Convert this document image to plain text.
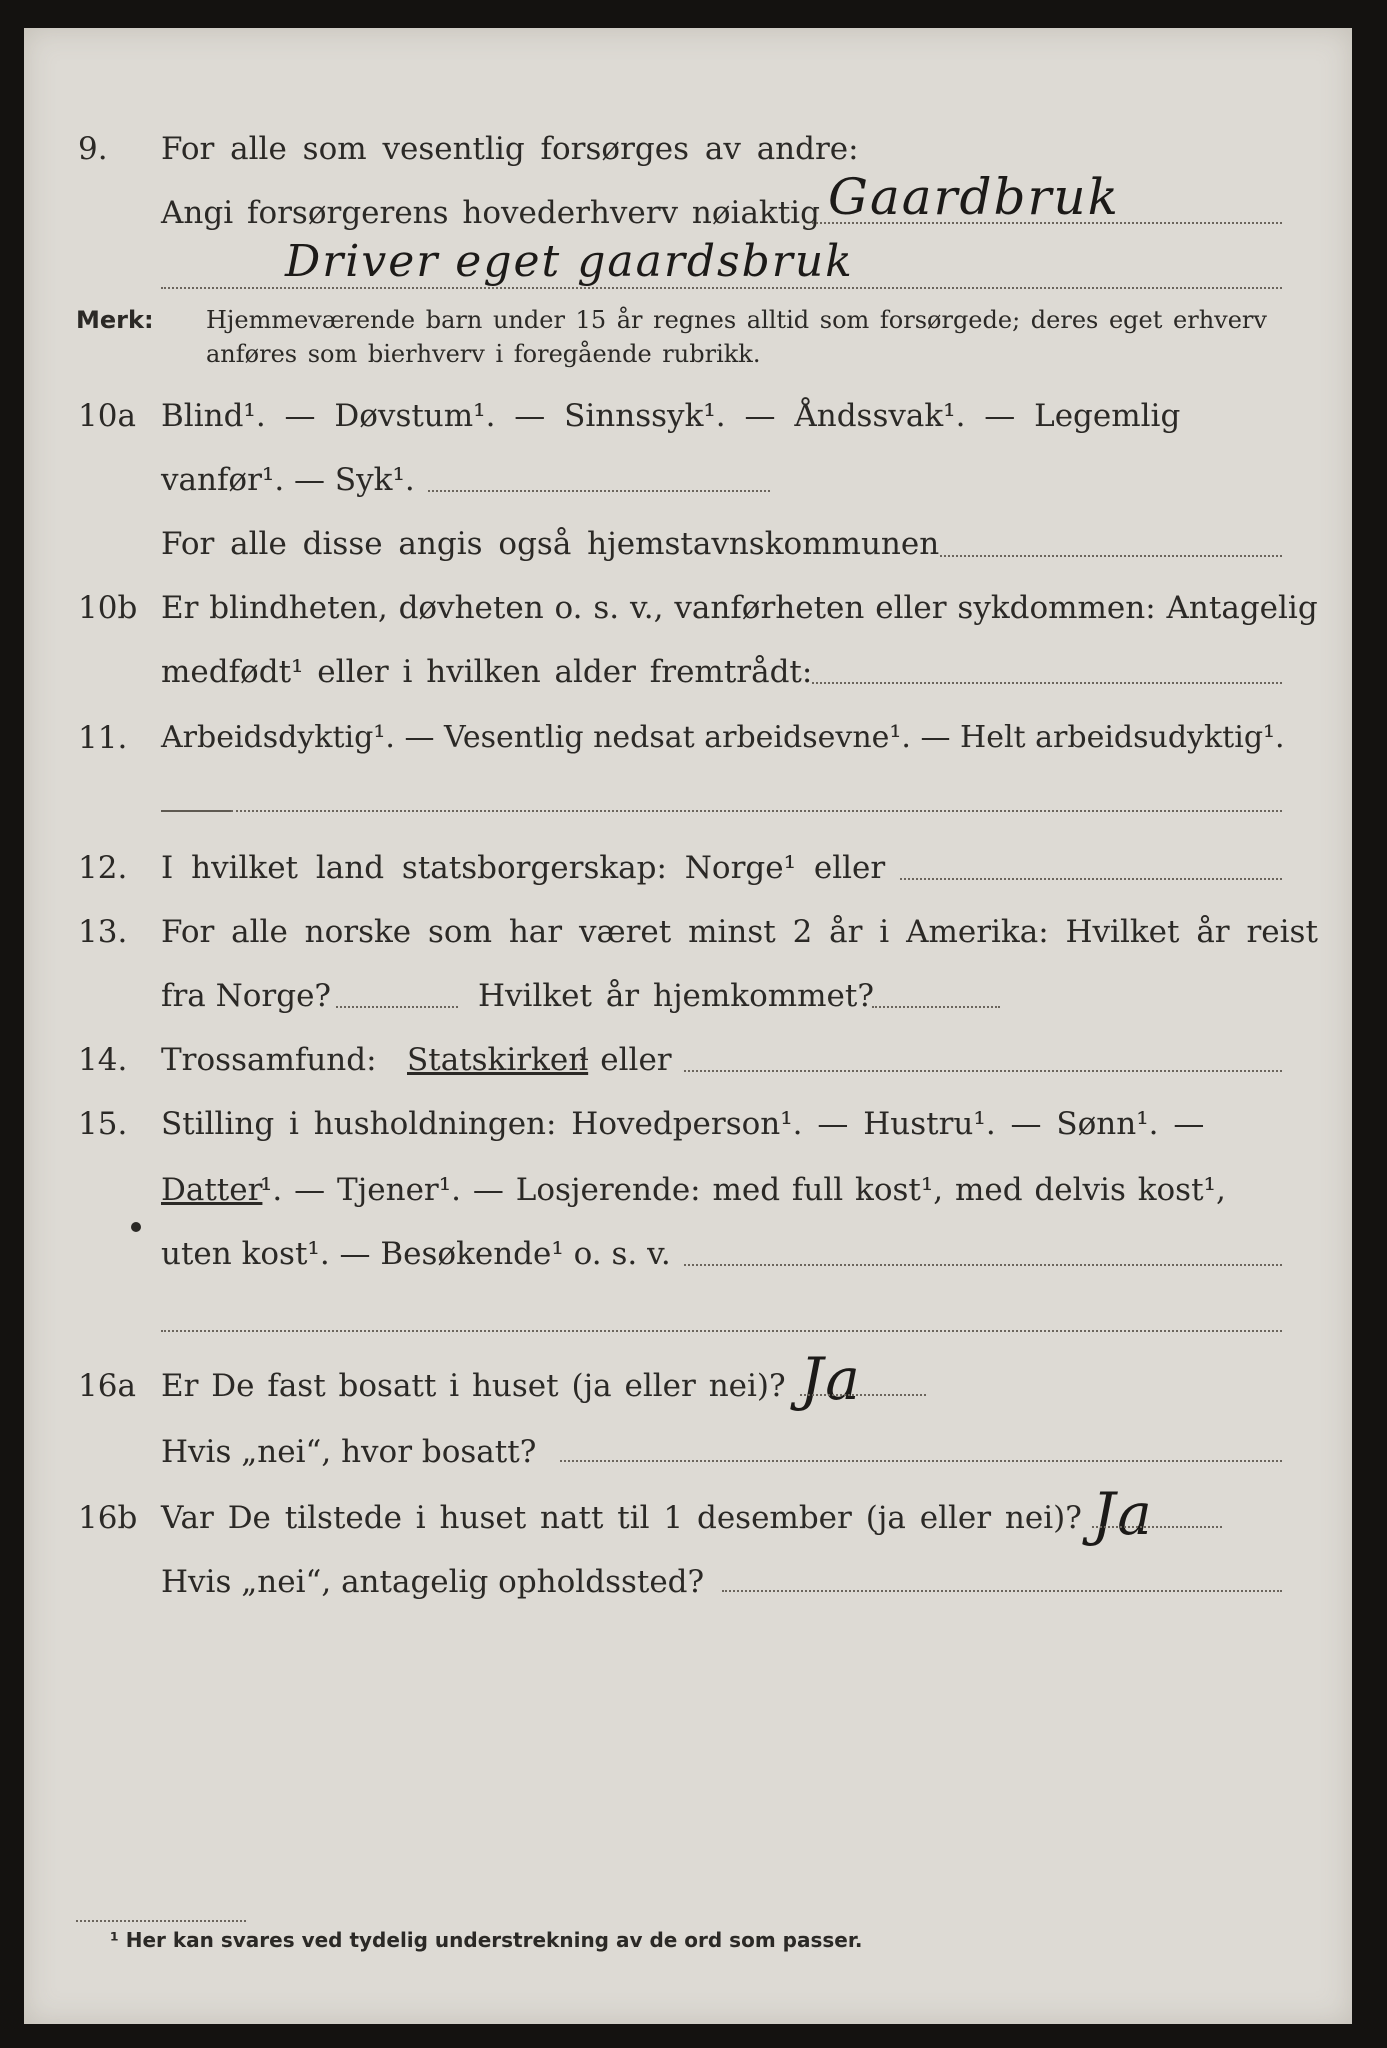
9. For alle som vesentlig forsørges av andre:
Angi forsørgerens hovederhverv nøiaktig Gaardbruk
Driver eget gaardsbruk
Merk: Hjemmeværende barn under 15 år regnes alltid som forsørgede; deres eget erhverv
anføres som bierhverv i foregående rubrikk.
10a Blind¹. — Døvstum¹. — Sinnssyk¹. — Åndssvak¹. — Legemlig
vanfør¹. — Syk¹.
For alle disse angis også hjemstavnskommunen
10b Er blindheten, døvheten o. s. v., vanførheten eller sykdommen: Antagelig
medfødt¹ eller i hvilken alder fremtrådt:
11. Arbeidsdyktig¹. — Vesentlig nedsat arbeidsevne¹. — Helt arbeidsudyktig¹.
12. I hvilket land statsborgerskap: Norge¹ eller
13. For alle norske som har været minst 2 år i Amerika: Hvilket år reist
fra Norge?	Hvilket år hjemkommet?
14. Trossamfund: Statskirken
¹ eller
15. Stilling i husholdningen: Hovedperson¹. — Hustru¹. — Sønn¹. —
Datter
¹. — Tjener¹. — Losjerende: med full kost¹, med delvis kost¹,
uten kost¹. — Besøkende¹ o. s. v.
16a Er De fast bosatt i huset (ja eller nei)? Ja
Hvis „nei“, hvor bosatt?
16b Var De tilstede i huset natt til 1 desember (ja eller nei)? Ja
Hvis „nei“, antagelig opholdssted?
¹ Her kan svares ved tydelig understrekning av de ord som passer.
